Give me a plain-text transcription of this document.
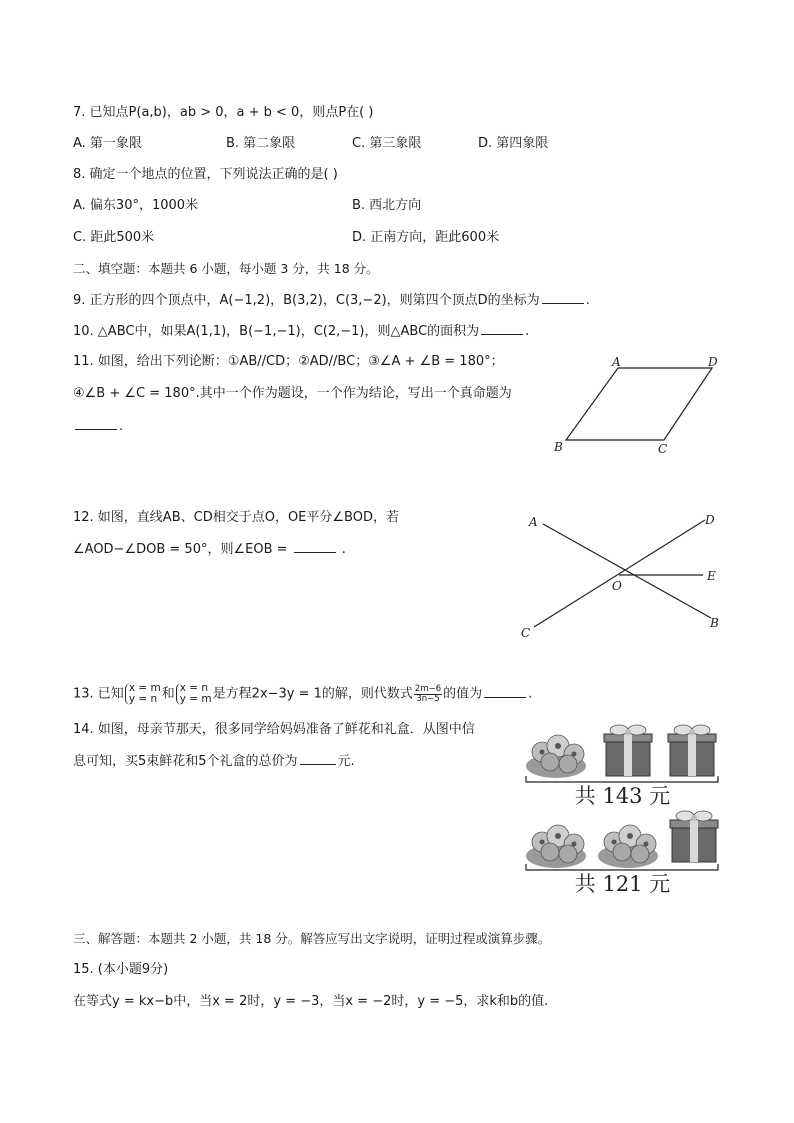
7. 已知点P(a,b)，ab > 0，a + b < 0，则点P在( )
A. 第一象限	B. 第二象限	C. 第三象限	D. 第四象限
8. 确定一个地点的位置，下列说法正确的是( )
A. 偏东30°，1000米	B. 西北方向
C. 距此500米	D. 正南方向，距此600米
二、填空题：本题共 6 小题，每小题 3 分，共 18 分。
9. 正方形的四个顶点中，A(−1,2)，B(3,2)，C(3,−2)，则第四个顶点D的坐标为	.
10. △ABC中，如果A(1,1)，B(−1,−1)，C(2,−1)，则△ABC的面积为	.
11. 如图，给出下列论断：①AB//CD；②AD//BC；③∠A + ∠B = 180°；
④∠B + ∠C = 180°.其中一个作为题设，一个作为结论，写出一个真命题为
.
A	D
B	C
12. 如图，直线AB、CD相交于点O，OE平分∠BOD，若
∠AOD−∠DOB = 50°，则∠EOB =	.
A	D
O
E
C
B
13. 已知 x = m
y = n 和 x = n
y = m 是方程2x−3y = 1的解，则代数式 $\frac{2m-6}{3n-5}$ 的值为	.
14. 如图，母亲节那天，很多同学给妈妈准备了鲜花和礼盒．从图中信
息可知，买5束鲜花和5个礼盒的总价为	元.
共 143 元
共 121 元
三、解答题：本题共 2 小题，共 18 分。解答应写出文字说明，证明过程或演算步骤。
15. (本小题9分)
在等式y = kx−b中，当x = 2时，y = −3，当x = −2时，y = −5，求k和b的值.
